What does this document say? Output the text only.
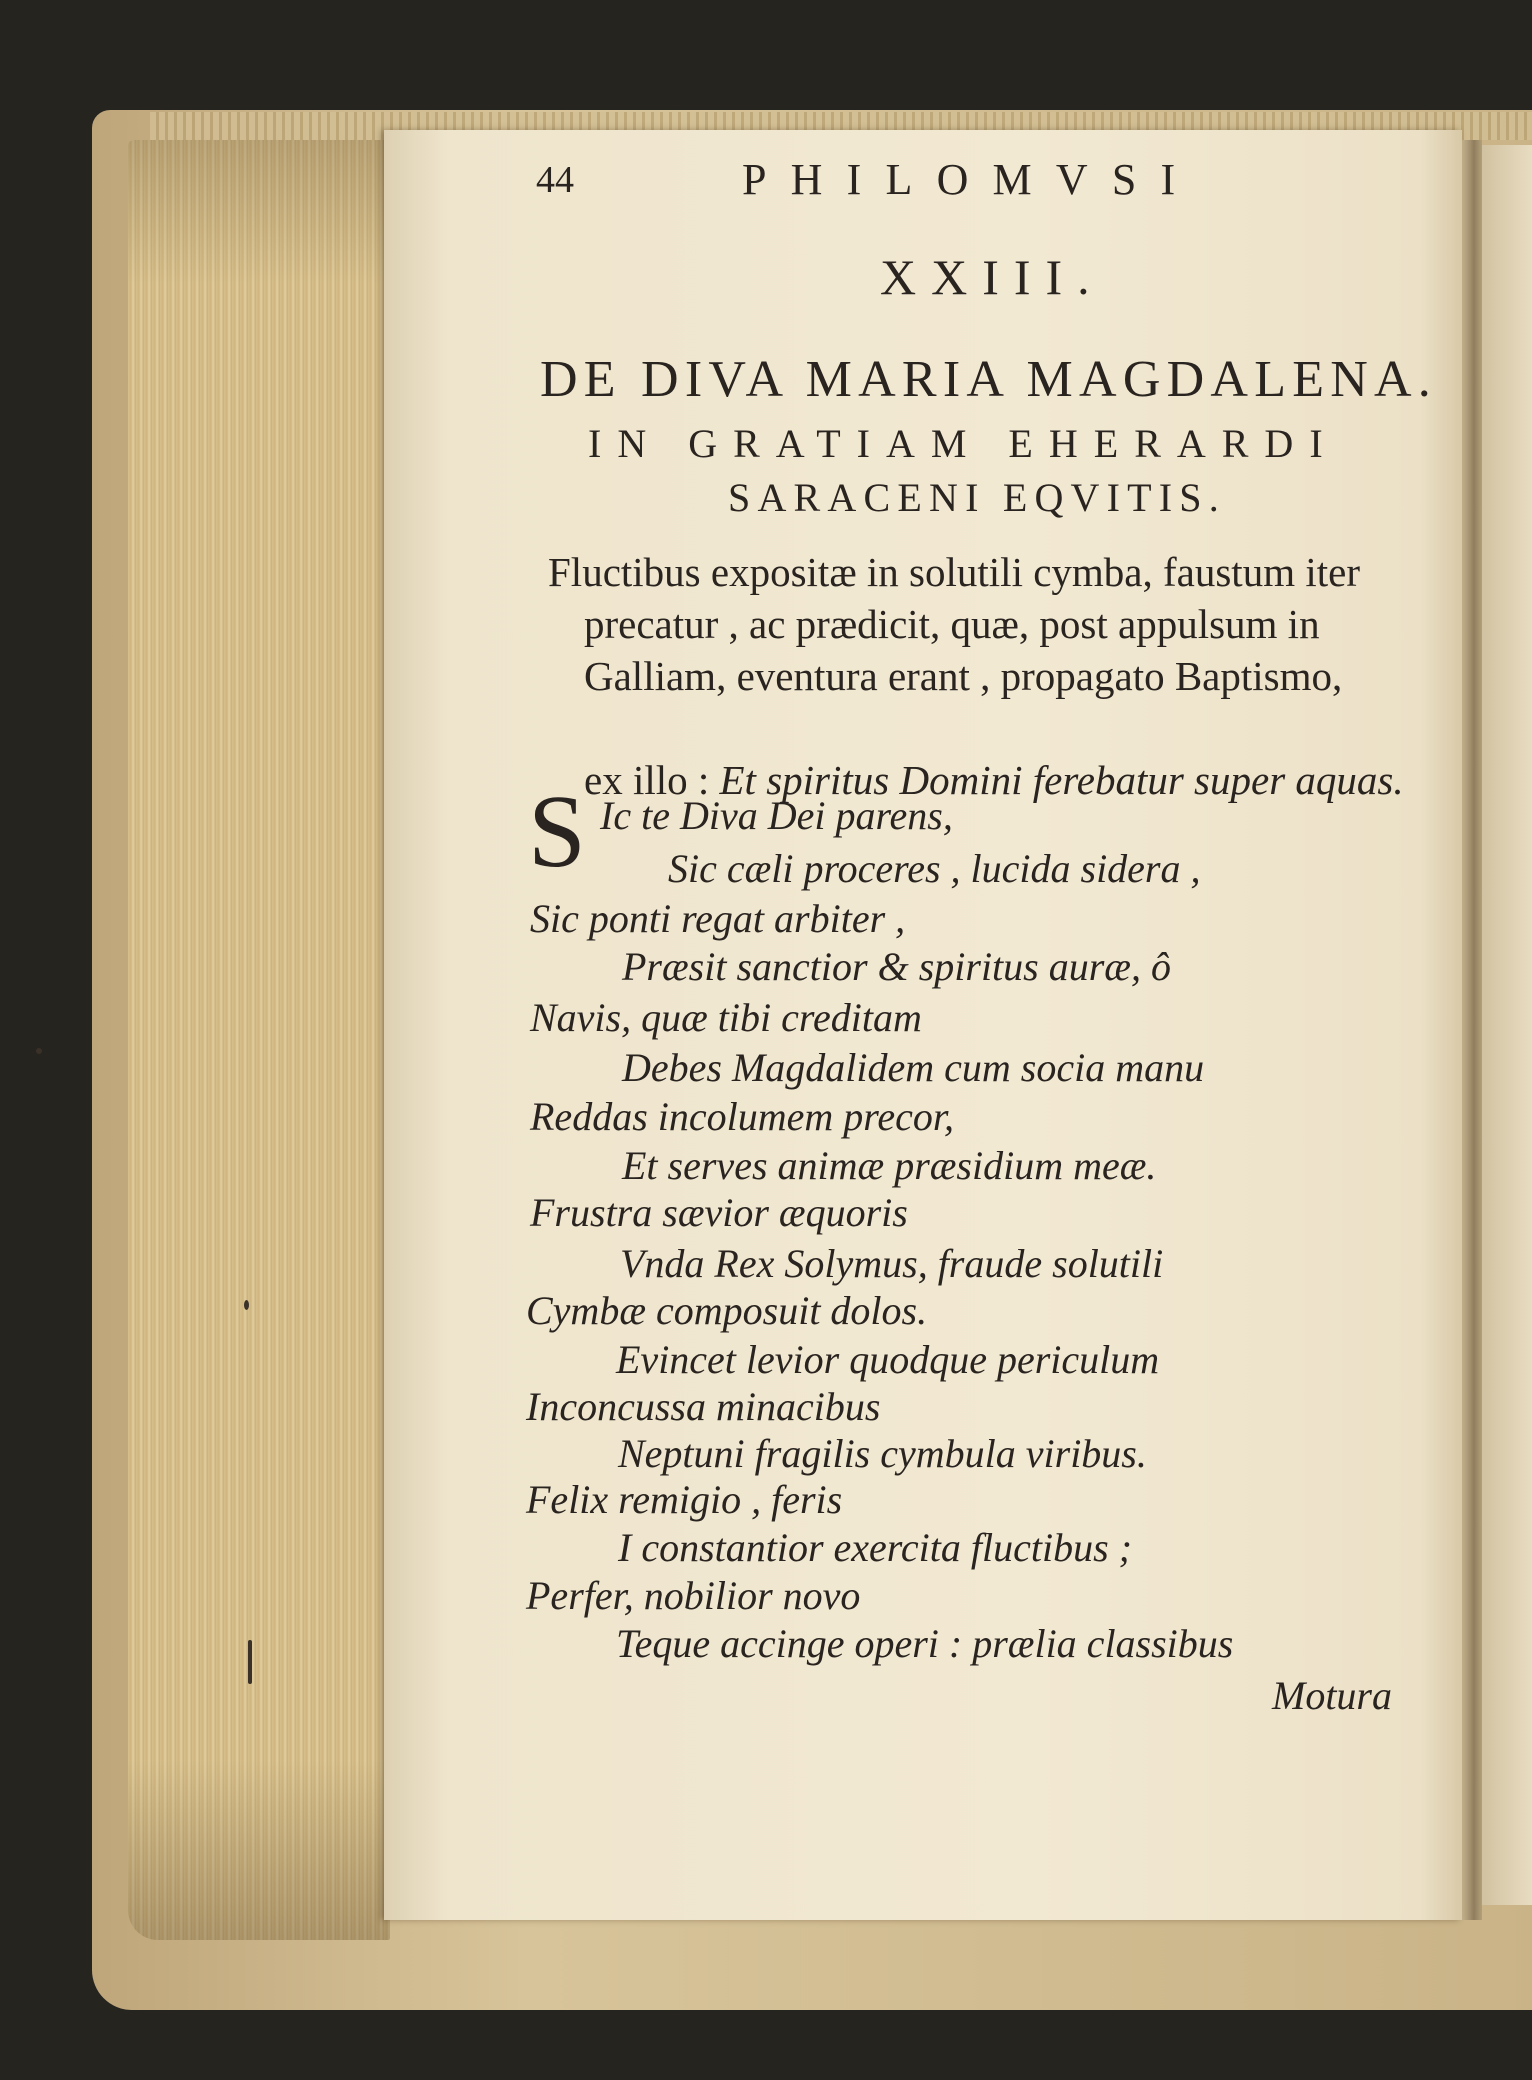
44	PHILOMVSI
XXIII.
DE DIVA MARIA MAGDALENA.
IN GRATIAM EHERARDI
SARACENI EQVITIS.
Fluctibus expositæ in solutili cymba, faustum iter
precatur , ac prædicit, quæ, post appulsum in
Galliam, eventura erant , propagato Baptismo,
ex illo : Et spiritus Domini ferebatur super aquas.
S Ic te Diva Dei parens,
Sic cæli proceres , lucida sidera ,
Sic ponti regat arbiter ,
Præsit sanctior & spiritus auræ, ô
Navis, quæ tibi creditam
Debes Magdalidem cum socia manu
Reddas incolumem precor,
Et serves animæ præsidium meæ.
Frustra sævior æquoris
Vnda Rex Solymus, fraude solutili
Cymbæ composuit dolos.
Evincet levior quodque periculum
Inconcussa minacibus
Neptuni fragilis cymbula viribus.
Felix remigio , feris
I constantior exercita fluctibus ;
Perfer, nobilior novo
Teque accinge operi : prælia classibus
Motura
